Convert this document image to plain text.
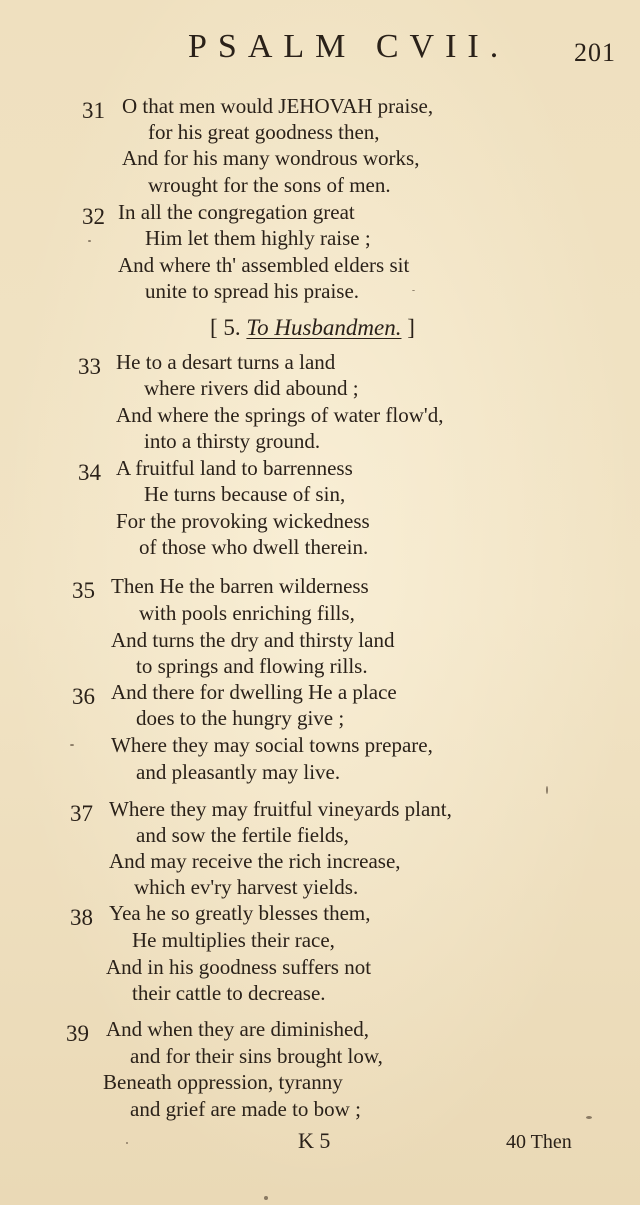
PSALM CVII. 201
31 O that men would JEHOVAH praise,
for his great goodness then,
And for his many wondrous works,
wrought for the sons of men.
32 In all the congregation great
Him let them highly raise ;
And where th' assembled elders sit
unite to spread his praise.
[ 5. To Husbandmen. ]
33 He to a desart turns a land
where rivers did abound ;
And where the springs of water flow'd,
into a thirsty ground.
34 A fruitful land to barrenness
He turns because of sin,
For the provoking wickedness
of those who dwell therein.
35 Then He the barren wilderness
with pools enriching fills,
And turns the dry and thirsty land
to springs and flowing rills.
36 And there for dwelling He a place
does to the hungry give ;
Where they may social towns prepare,
and pleasantly may live.
37 Where they may fruitful vineyards plant,
and sow the fertile fields,
And may receive the rich increase,
which ev'ry harvest yields.
38 Yea he so greatly blesses them,
He multiplies their race,
And in his goodness suffers not
their cattle to decrease.
39 And when they are diminished,
and for their sins brought low,
Beneath oppression, tyranny
and grief are made to bow ;
K 5	40 Then
